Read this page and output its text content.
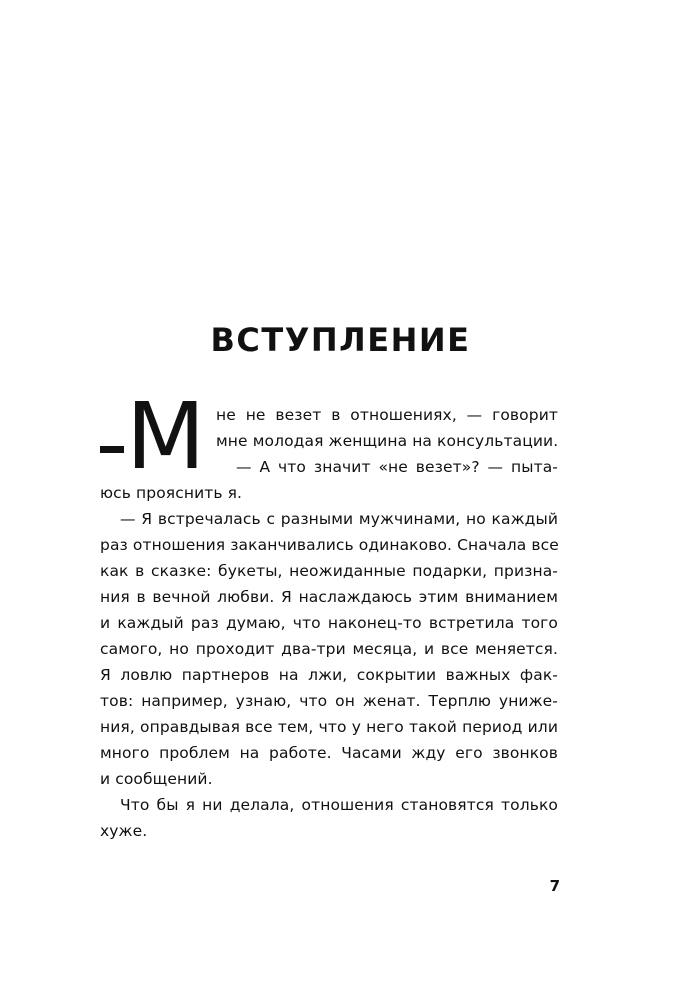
ВСТУПЛЕНИЕ
М не не везет в отношениях, — говорит
мне молодая женщина на консультации.
— А что значит «не везет»? — пыта-
юсь прояснить я.
— Я встречалась с разными мужчинами, но каждый
раз отношения заканчивались одинаково. Сначала все
как в сказке: букеты, неожиданные подарки, призна-
ния в вечной любви. Я наслаждаюсь этим вниманием
и каждый раз думаю, что наконец-то встретила того
самого, но проходит два-три месяца, и все меняется.
Я ловлю партнеров на лжи, сокрытии важных фак-
тов: например, узнаю, что он женат. Терплю униже-
ния, оправдывая все тем, что у него такой период или
много проблем на работе. Часами жду его звонков
и сообщений.
Что бы я ни делала, отношения становятся только
хуже.
7
